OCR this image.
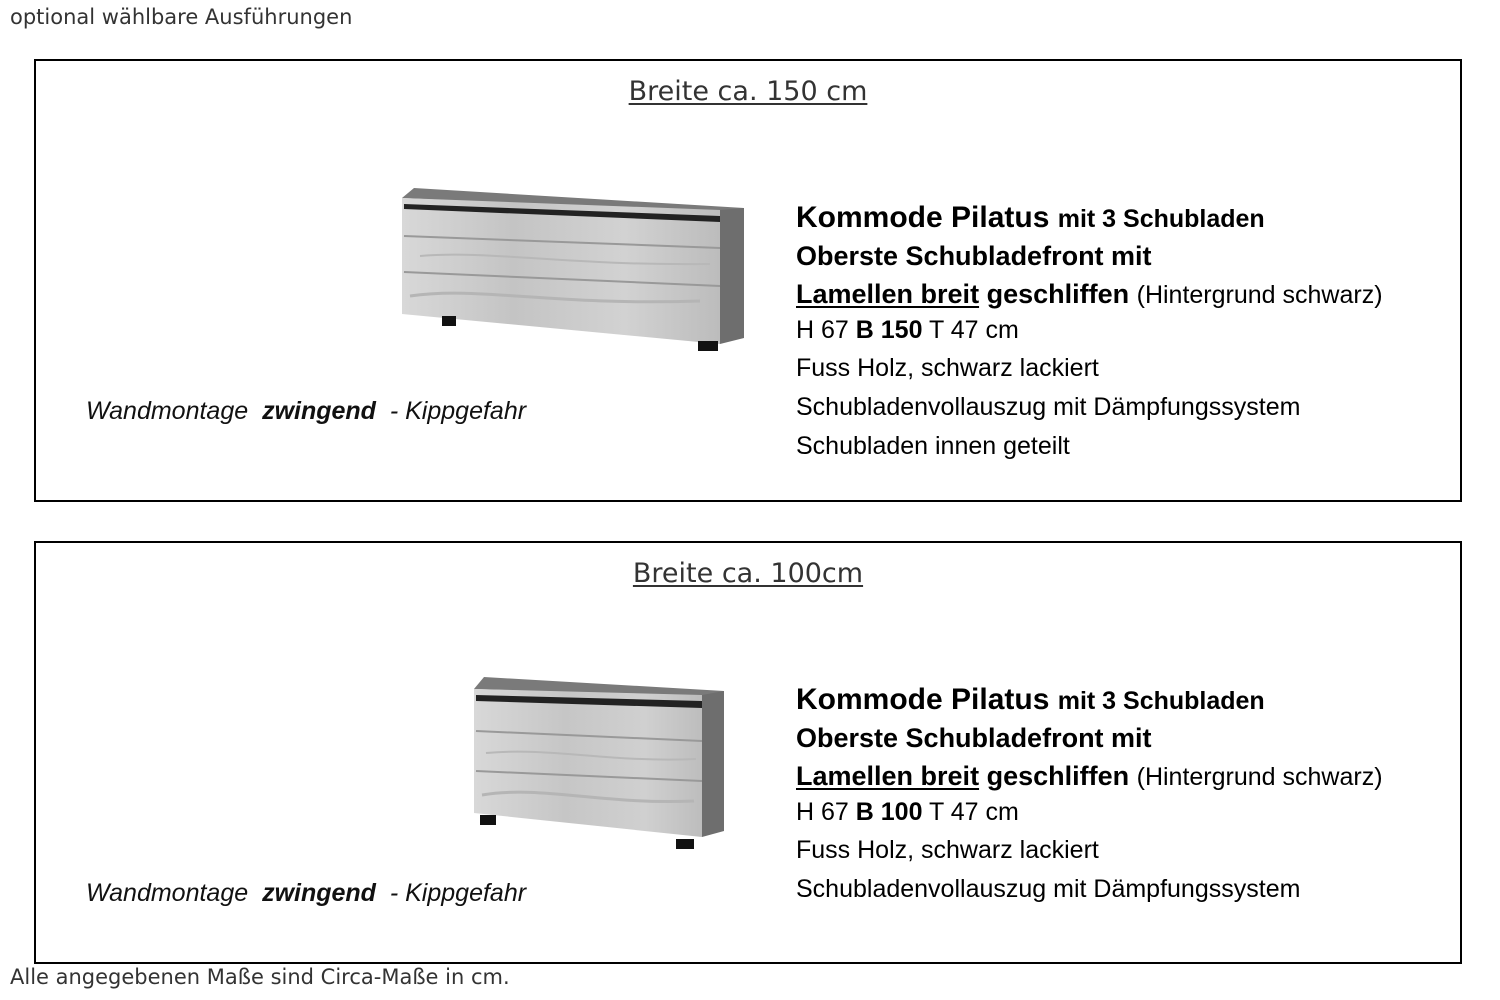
optional wählbare Ausführungen
Breite ca. 150 cm
Wandmontage zwingend - Kippgefahr
Kommode Pilatus mit 3 Schubladen
Oberste Schubladefront mit
Lamellen breit geschliffen (Hintergrund schwarz)
H 67 B 150 T 47 cm
Fuss Holz, schwarz lackiert
Schubladenvollauszug mit Dämpfungssystem
Schubladen innen geteilt
Breite ca. 100cm
Wandmontage zwingend - Kippgefahr
Kommode Pilatus mit 3 Schubladen
Oberste Schubladefront mit
Lamellen breit geschliffen (Hintergrund schwarz)
H 67 B 100 T 47 cm
Fuss Holz, schwarz lackiert
Schubladenvollauszug mit Dämpfungssystem
Alle angegebenen Maße sind Circa-Maße in cm.
